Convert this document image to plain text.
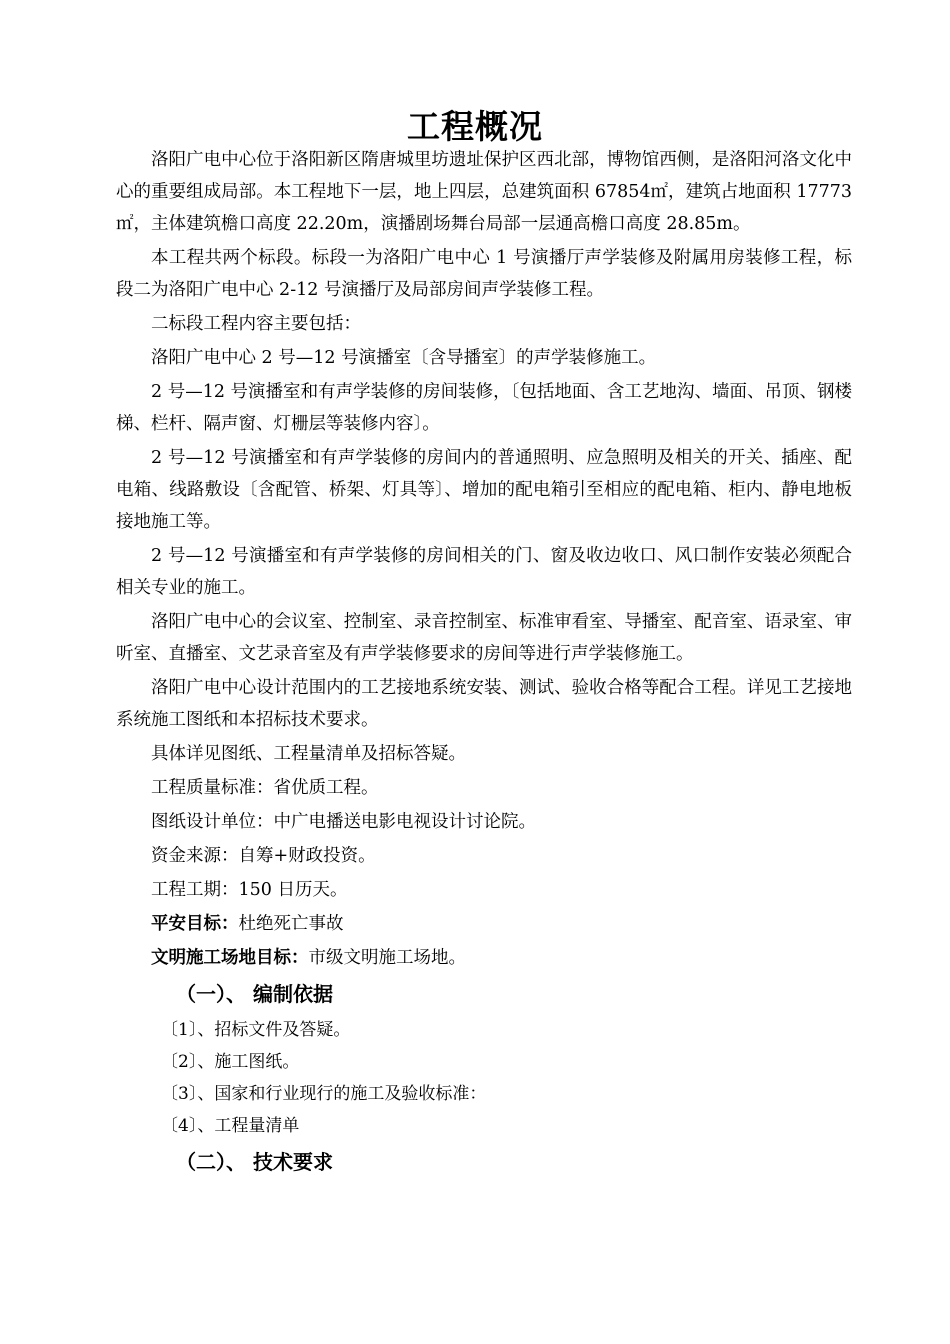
工程概况

洛阳广电中心位于洛阳新区隋唐城里坊遗址保护区西北部，博物馆西侧，是洛阳河洛文化中心的重要组成局部。本工程地下一层，地上四层，总建筑面积 67854㎡，建筑占地面积 17773㎡，主体建筑檐口高度 22.20m，演播剧场舞台局部一层通高檐口高度 28.85m。

本工程共两个标段。标段一为洛阳广电中心 1 号演播厅声学装修及附属用房装修工程，标段二为洛阳广电中心 2-12 号演播厅及局部房间声学装修工程。

二标段工程内容主要包括：

洛阳广电中心 2 号—12 号演播室〔含导播室〕的声学装修施工。

2 号—12 号演播室和有声学装修的房间装修，〔包括地面、含工艺地沟、墙面、吊顶、钢楼梯、栏杆、隔声窗、灯栅层等装修内容〕。

2 号—12 号演播室和有声学装修的房间内的普通照明、应急照明及相关的开关、插座、配电箱、线路敷设〔含配管、桥架、灯具等〕、增加的配电箱引至相应的配电箱、柜内、静电地板接地施工等。

2 号—12 号演播室和有声学装修的房间相关的门、窗及收边收口、风口制作安装必须配合相关专业的施工。

洛阳广电中心的会议室、控制室、录音控制室、标准审看室、导播室、配音室、语录室、审听室、直播室、文艺录音室及有声学装修要求的房间等进行声学装修施工。

洛阳广电中心设计范围内的工艺接地系统安装、测试、验收合格等配合工程。详见工艺接地系统施工图纸和本招标技术要求。

具体详见图纸、工程量清单及招标答疑。

工程质量标准：省优质工程。

图纸设计单位：中广电播送电影电视设计讨论院。

资金来源：自筹+财政投资。

工程工期：150 日历天。

平安目标：杜绝死亡事故

文明施工场地目标：市级文明施工场地。

（一）、 编制依据

〔1〕、招标文件及答疑。

〔2〕、施工图纸。

〔3〕、国家和行业现行的施工及验收标准：

〔4〕、工程量清单

（二）、 技术要求
